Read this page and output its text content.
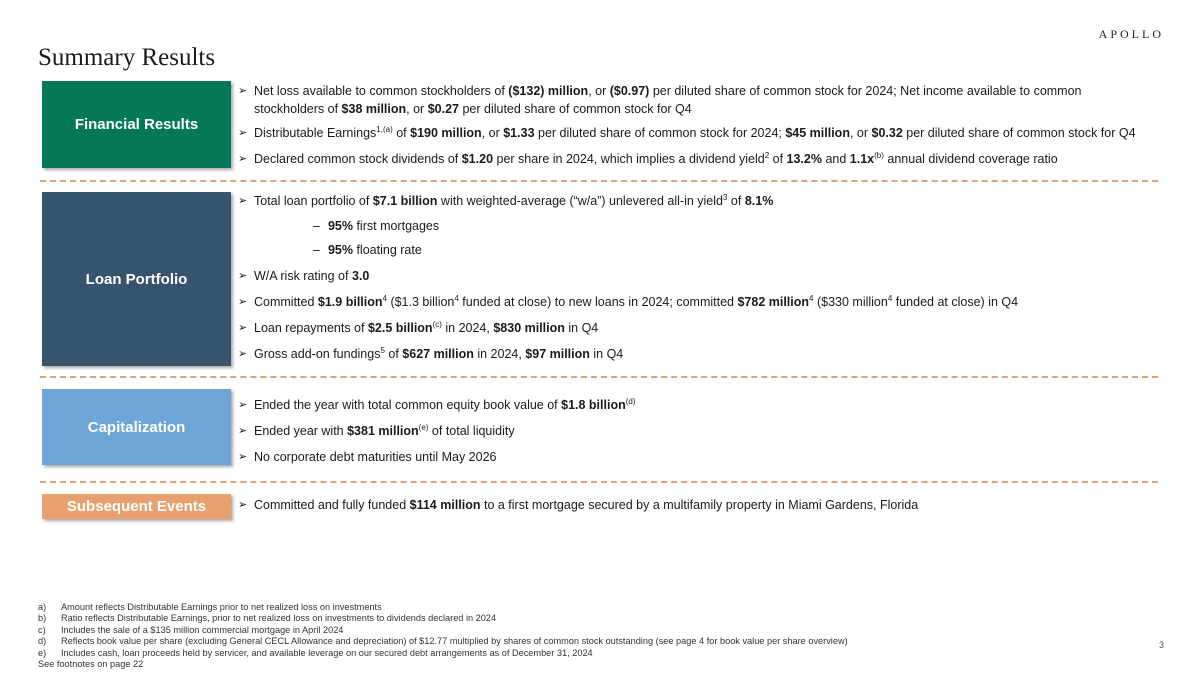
APOLLO
Summary Results
Financial Results
➢ Net loss available to common stockholders of ($132) million, or ($0.97) per diluted share of common stock for 2024; Net income available to common
stockholders of $38 million, or $0.27 per diluted share of common stock for Q4
➢ Distributable Earnings$^{1,(a)}$ of $190 million, or $1.33 per diluted share of common stock for 2024; $45 million, or $0.32 per diluted share of common stock for Q4
➢ Declared common stock dividends of $1.20 per share in 2024, which implies a dividend yield$^2$ of 13.2% and $1.1x^{(b)}$ annual dividend coverage ratio
Loan Portfolio
➢ Total loan portfolio of $7.1 billion with weighted-average (“w/a”) unlevered all-in yield$^3$ of 8.1%
– 95% first mortgages
– 95% floating rate
➢ W/A risk rating of 3.0
➢ Committed $1.9 billion$^4$ ($1.3 billion$^4$ funded at close) to new loans in 2024; committed $782 million$^4$ ($330 million$^4$ funded at close) in Q4
➢ Loan repayments of $2.5 billion$^{(c)}$ in 2024, $830 million in Q4
➢ Gross add-on fundings$^5$ of $627 million in 2024, $97 million in Q4
Capitalization
➢ Ended the year with total common equity book value of $1.8 billion$^{(d)}$
➢ Ended year with $381 million$^{(e)}$ of total liquidity
➢ No corporate debt maturities until May 2026
Subsequent Events	➢ Committed and fully funded $114 million to a first mortgage secured by a multifamily property in Miami Gardens, Florida
a)	Amount reflects Distributable Earnings prior to net realized loss on investments
b)	Ratio reflects Distributable Earnings, prior to net realized loss on investments to dividends declared in 2024
c)	Includes the sale of a $135 million commercial mortgage in April 2024
d)	Reflects book value per share (excluding General CECL Allowance and depreciation) of $12.77 multiplied by shares of common stock outstanding (see page 4 for book value per share overview)
e)	Includes cash, loan proceeds held by servicer, and available leverage on our secured debt arrangements as of December 31, 2024
See footnotes on page 22
3
